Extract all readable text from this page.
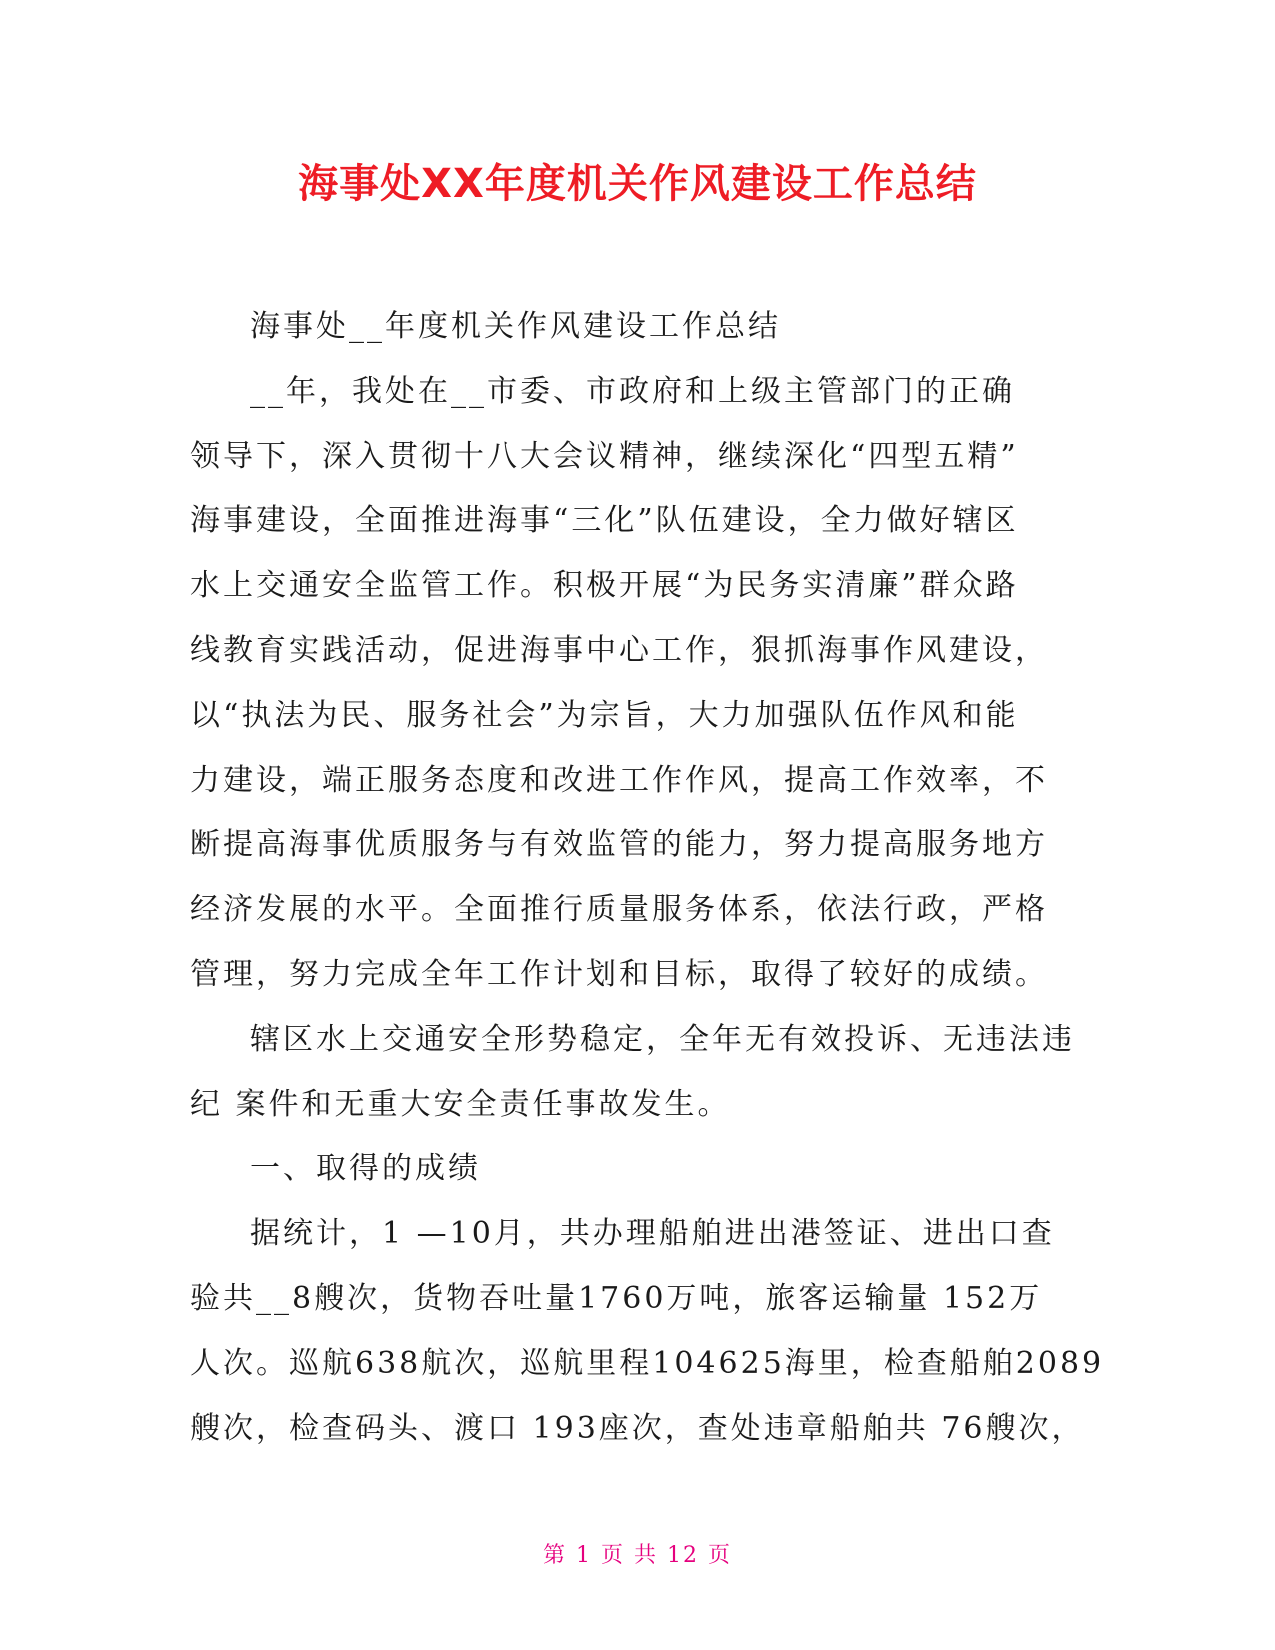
海事处XX年度机关作风建设工作总结
海事处__年度机关作风建设工作总结
__年，我处在__市委、市政府和上级主管部门的正确
领导下，深入贯彻十八大会议精神，继续深化“四型五精”
海事建设，全面推进海事“三化”队伍建设，全力做好辖区
水上交通安全监管工作。积极开展“为民务实清廉”群众路
线教育实践活动，促进海事中心工作，狠抓海事作风建设，
以“执法为民、服务社会”为宗旨，大力加强队伍作风和能
力建设，端正服务态度和改进工作作风，提高工作效率，不
断提高海事优质服务与有效监管的能力，努力提高服务地方
经济发展的水平。全面推行质量服务体系，依法行政，严格
管理，努力完成全年工作计划和目标，取得了较好的成绩。
辖区水上交通安全形势稳定，全年无有效投诉、无违法违
纪 案件和无重大安全责任事故发生。
一、取得的成绩
据统计，1 —10月，共办理船舶进出港签证、进出口查
验共__8艘次，货物吞吐量1760万吨，旅客运输量 152万
人次。巡航638航次，巡航里程104625海里，检查船舶2089
艘次，检查码头、渡口 193座次，查处违章船舶共 76艘次，
第 1 页 共 12 页
